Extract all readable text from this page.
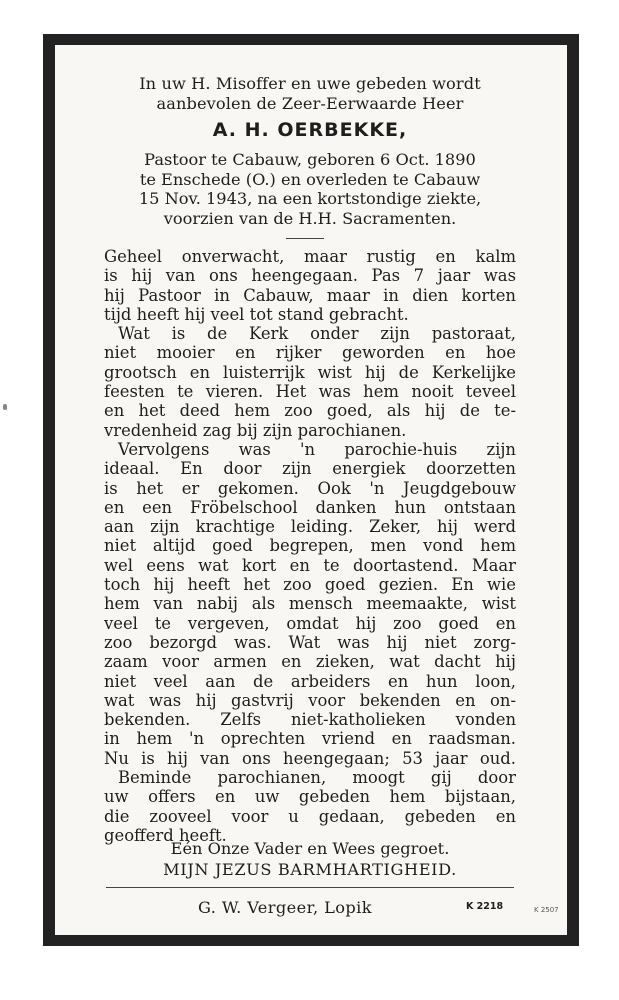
In uw H. Misoffer en uwe gebeden wordt
aanbevolen de Zeer-Eerwaarde Heer
A. H. OERBEKKE,
Pastoor te Cabauw, geboren 6 Oct. 1890
te Enschede (O.) en overleden te Cabauw
15 Nov. 1943, na een kortstondige ziekte,
voorzien van de H.H. Sacramenten.

Geheel onverwacht, maar rustig en kalm

is hij van ons heengegaan. Pas 7 jaar was

hij Pastoor in Cabauw, maar in dien korten

tijd heeft hij veel tot stand gebracht.

Wat is de Kerk onder zijn pastoraat,

niet mooier en rijker geworden en hoe

grootsch en luisterrijk wist hij de Kerkelijke

feesten te vieren. Het was hem nooit teveel

en het deed hem zoo goed, als hij de te-

vredenheid zag bij zijn parochianen.

Vervolgens was 'n parochie-huis zijn

ideaal. En door zijn energiek doorzetten

is het er gekomen. Ook 'n Jeugdgebouw

en een Fröbelschool danken hun ontstaan

aan zijn krachtige leiding. Zeker, hij werd

niet altijd goed begrepen, men vond hem

wel eens wat kort en te doortastend. Maar

toch hij heeft het zoo goed gezien. En wie

hem van nabij als mensch meemaakte, wist

veel te vergeven, omdat hij zoo goed en

zoo bezorgd was. Wat was hij niet zorg-

zaam voor armen en zieken, wat dacht hij

niet veel aan de arbeiders en hun loon,

wat was hij gastvrij voor bekenden en on-

bekenden. Zelfs niet-katholieken vonden

in hem 'n oprechten vriend en raadsman.

Nu is hij van ons heengegaan; 53 jaar oud.

Beminde parochianen, moogt gij door

uw offers en uw gebeden hem bijstaan,

die zooveel voor u gedaan, gebeden en

geofferd heeft.

Eén Onze Vader en Wees gegroet.
MIJN JEZUS BARMHARTIGHEID.
G. W. Vergeer, Lopik	K 2218	K 2507
